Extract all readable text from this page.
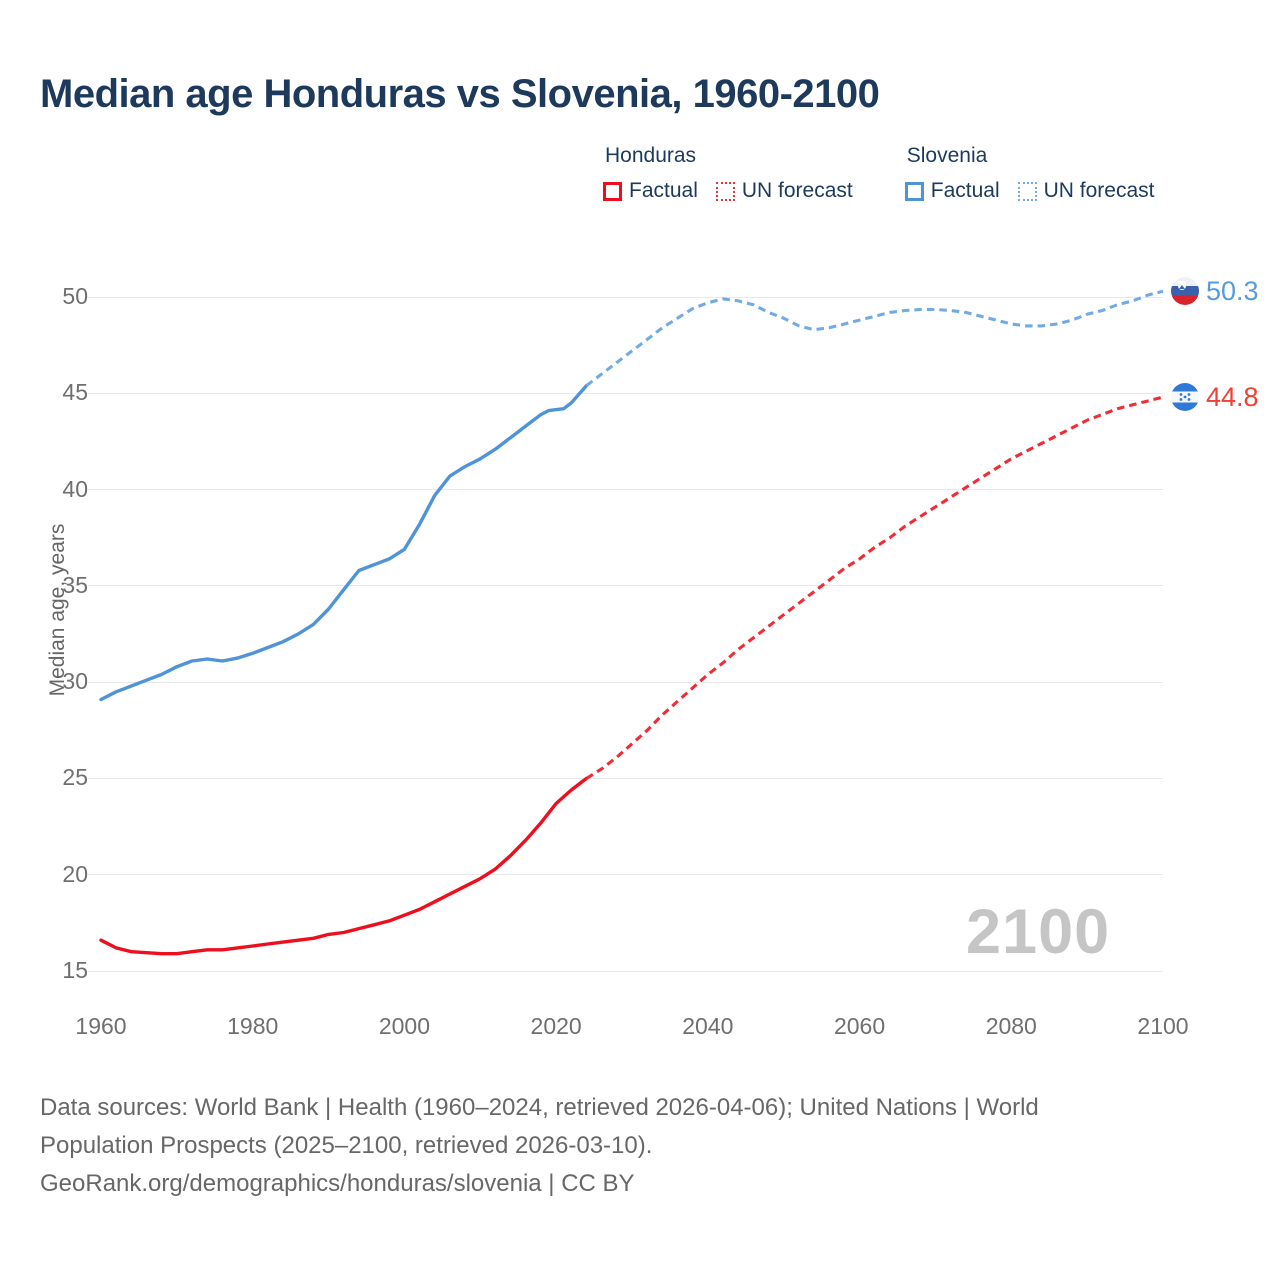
Median age Honduras vs Slovenia, 1960-2100
Honduras
Factual UN forecast
Slovenia
Factual UN forecast
Median age, years
15
20
25
30
35
40
45
50
1960	1980	2000	2020	2040	2060	2080	2100
2100
50.3
44.8
Data sources: World Bank | Health (1960–2024, retrieved 2026-04-06); United Nations | World
Population Prospects (2025–2100, retrieved 2026-03-10).
GeoRank.org/demographics/honduras/slovenia | CC BY
